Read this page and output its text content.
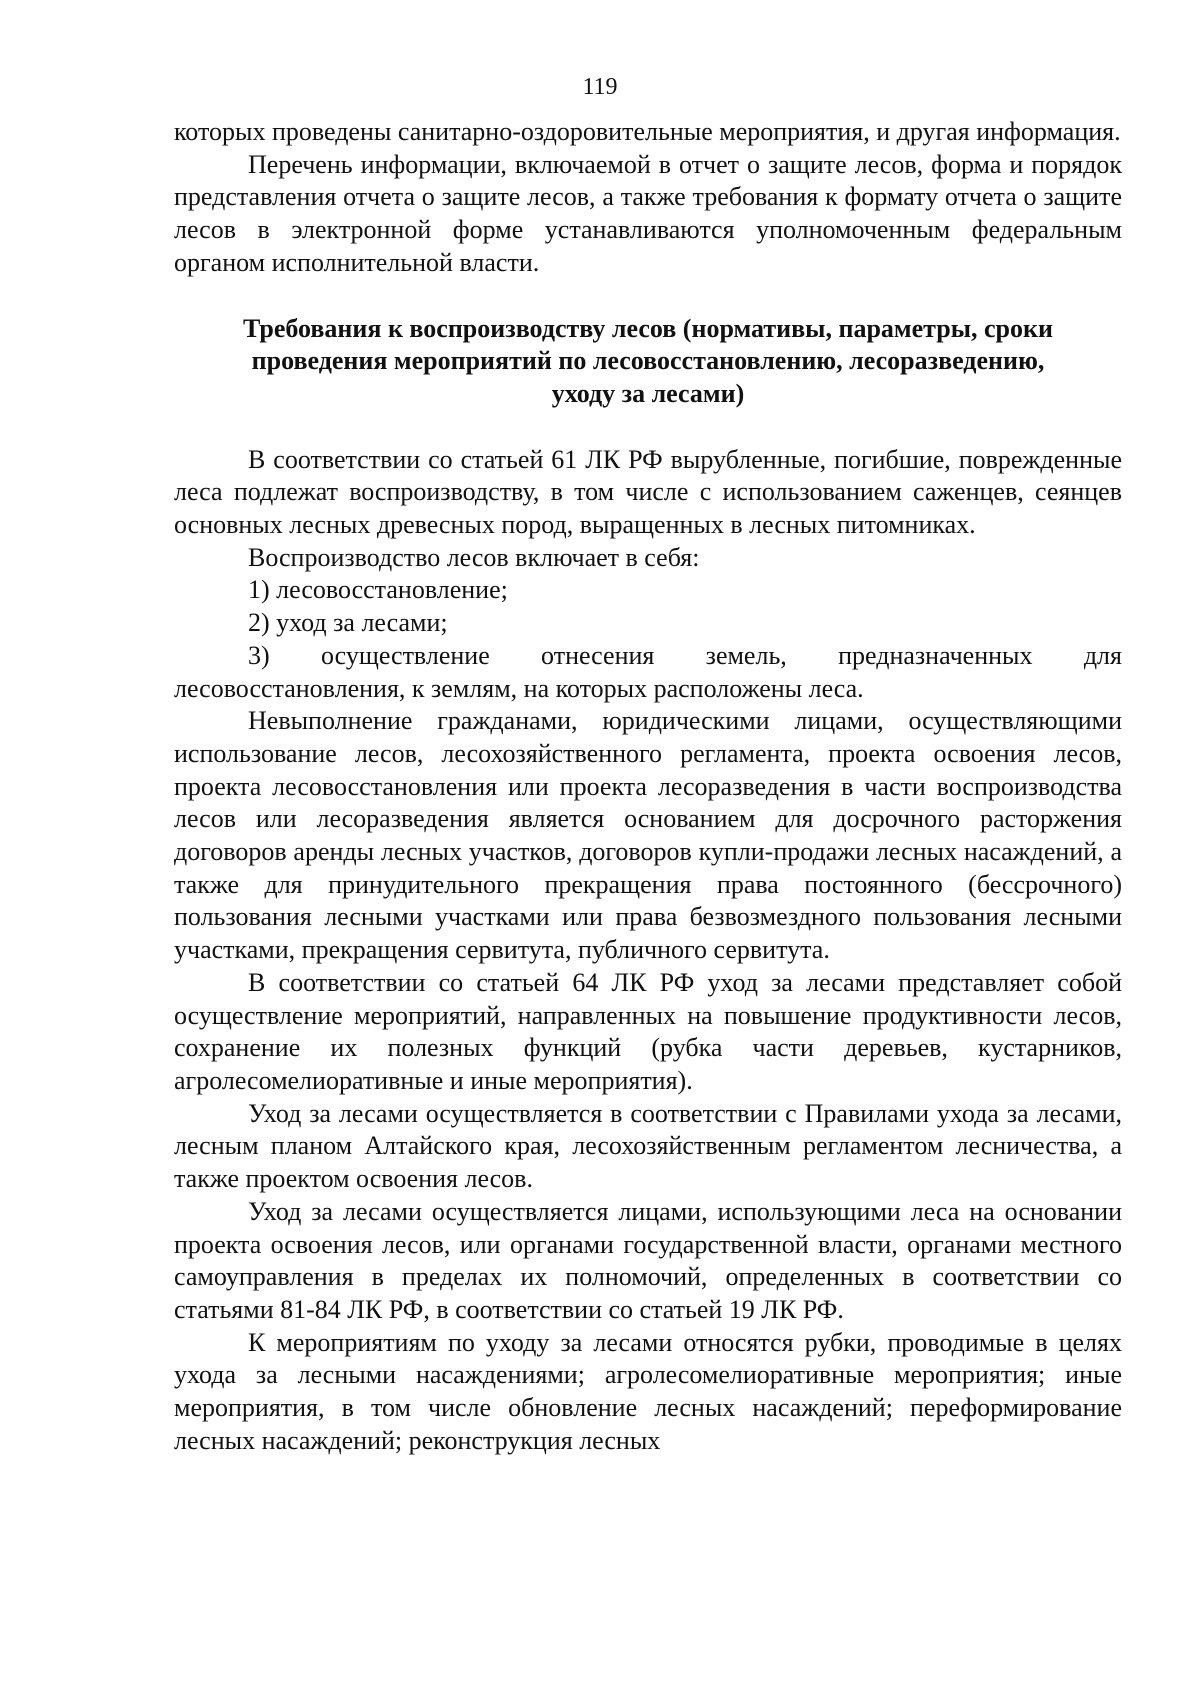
119

которых проведены санитарно-оздоровительные мероприятия, и другая информация.

Перечень информации, включаемой в отчет о защите лесов, форма и порядок представления отчета о защите лесов, а также требования к формату отчета о защите лесов в электронной форме устанавливаются уполномоченным федеральным органом исполнительной власти.

Требования к воспроизводству лесов (нормативы, параметры, сроки
проведения мероприятий по лесовосстановлению, лесоразведению,
уходу за лесами)

В соответствии со статьей 61 ЛК РФ вырубленные, погибшие, поврежденные леса подлежат воспроизводству, в том числе с использованием саженцев, сеянцев основных лесных древесных пород, выращенных в лесных питомниках.

Воспроизводство лесов включает в себя:

1) лесовосстановление;

2) уход за лесами;

3) осуществление отнесения земель, предназначенных для лесовосстановления, к землям, на которых расположены леса.

Невыполнение гражданами, юридическими лицами, осуществляющими использование лесов, лесохозяйственного регламента, проекта освоения лесов, проекта лесовосстановления или проекта лесоразведения в части воспроизводства лесов или лесоразведения является основанием для досрочного расторжения договоров аренды лесных участков, договоров купли-продажи лесных насаждений, а также для принудительного прекращения права постоянного (бессрочного) пользования лесными участками или права безвозмездного пользования лесными участками, прекращения сервитута, публичного сервитута.

В соответствии со статьей 64 ЛК РФ уход за лесами представляет собой осуществление мероприятий, направленных на повышение продуктивности лесов, сохранение их полезных функций (рубка части деревьев, кустарников, агролесомелиоративные и иные мероприятия).

Уход за лесами осуществляется в соответствии с Правилами ухода за лесами, лесным планом Алтайского края, лесохозяйственным регламентом лесничества, а также проектом освоения лесов.

Уход за лесами осуществляется лицами, использующими леса на основании проекта освоения лесов, или органами государственной власти, органами местного самоуправления в пределах их полномочий, определенных в соответствии со статьями 81-84 ЛК РФ, в соответствии со статьей 19 ЛК РФ.

К мероприятиям по уходу за лесами относятся рубки, проводимые в целях ухода за лесными насаждениями; агролесомелиоративные мероприятия; иные мероприятия, в том числе обновление лесных насаждений; переформирование лесных насаждений; реконструкция лесных
